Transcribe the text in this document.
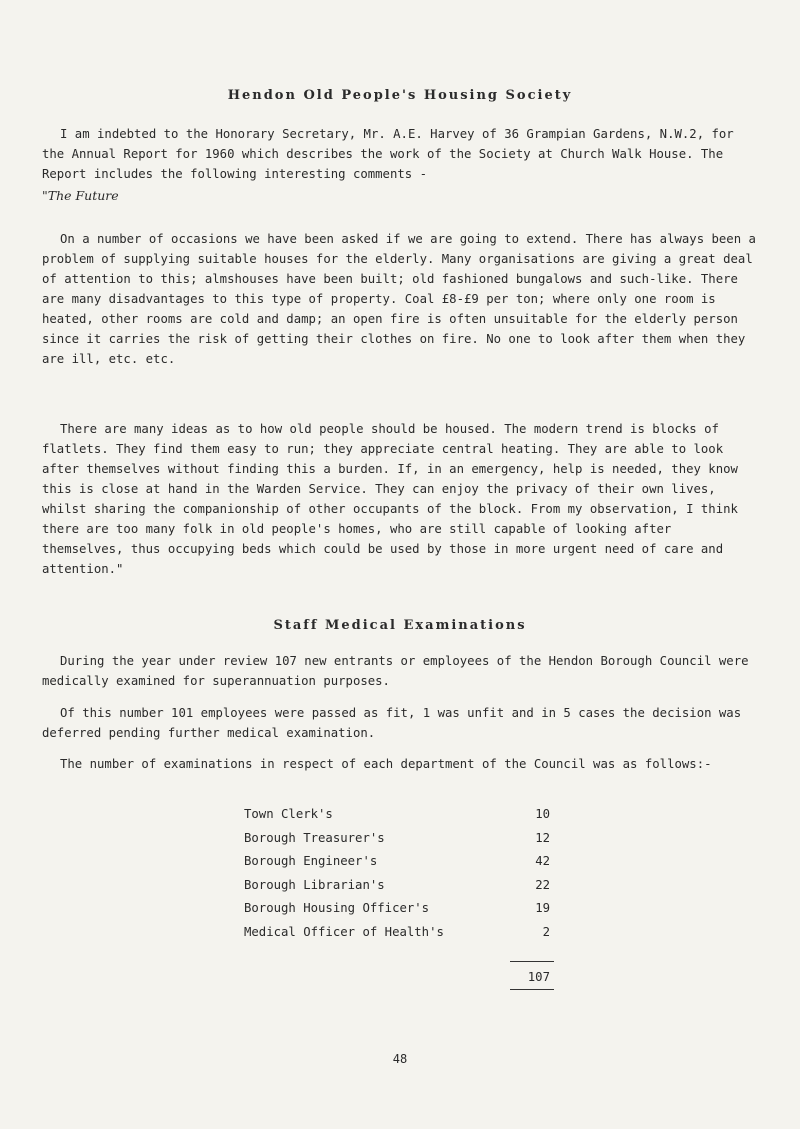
Hendon Old People's Housing Society

I am indebted to the Honorary Secretary, Mr. A.E. Harvey of 36 Grampian Gardens, N.W.2, for the Annual Report for 1960 which describes the work of the Society at Church Walk House. The Report includes the following interesting comments -

"The Future

On a number of occasions we have been asked if we are going to extend. There has always been a problem of supplying suitable houses for the elderly. Many organisations are giving a great deal of attention to this; almshouses have been built; old fashioned bungalows and such-like. There are many disadvantages to this type of property. Coal £8-£9 per ton; where only one room is heated, other rooms are cold and damp; an open fire is often unsuitable for the elderly person since it carries the risk of getting their clothes on fire. No one to look after them when they are ill, etc. etc.

There are many ideas as to how old people should be housed. The modern trend is blocks of flatlets. They find them easy to run; they appreciate central heating. They are able to look after themselves without finding this a burden. If, in an emergency, help is needed, they know this is close at hand in the Warden Service. They can enjoy the privacy of their own lives, whilst sharing the companionship of other occupants of the block. From my observation, I think there are too many folk in old people's homes, who are still capable of looking after themselves, thus occupying beds which could be used by those in more urgent need of care and attention."

Staff Medical Examinations

During the year under review 107 new entrants or employees of the Hendon Borough Council were medically examined for superannuation purposes.

Of this number 101 employees were passed as fit, 1 was unfit and in 5 cases the decision was deferred pending further medical examination.

The number of examinations in respect of each department of the Council was as follows:-

Town Clerk's	10
Borough Treasurer's	12
Borough Engineer's	42
Borough Librarian's	22
Borough Housing Officer's	19
Medical Officer of Health's	2
107
48
